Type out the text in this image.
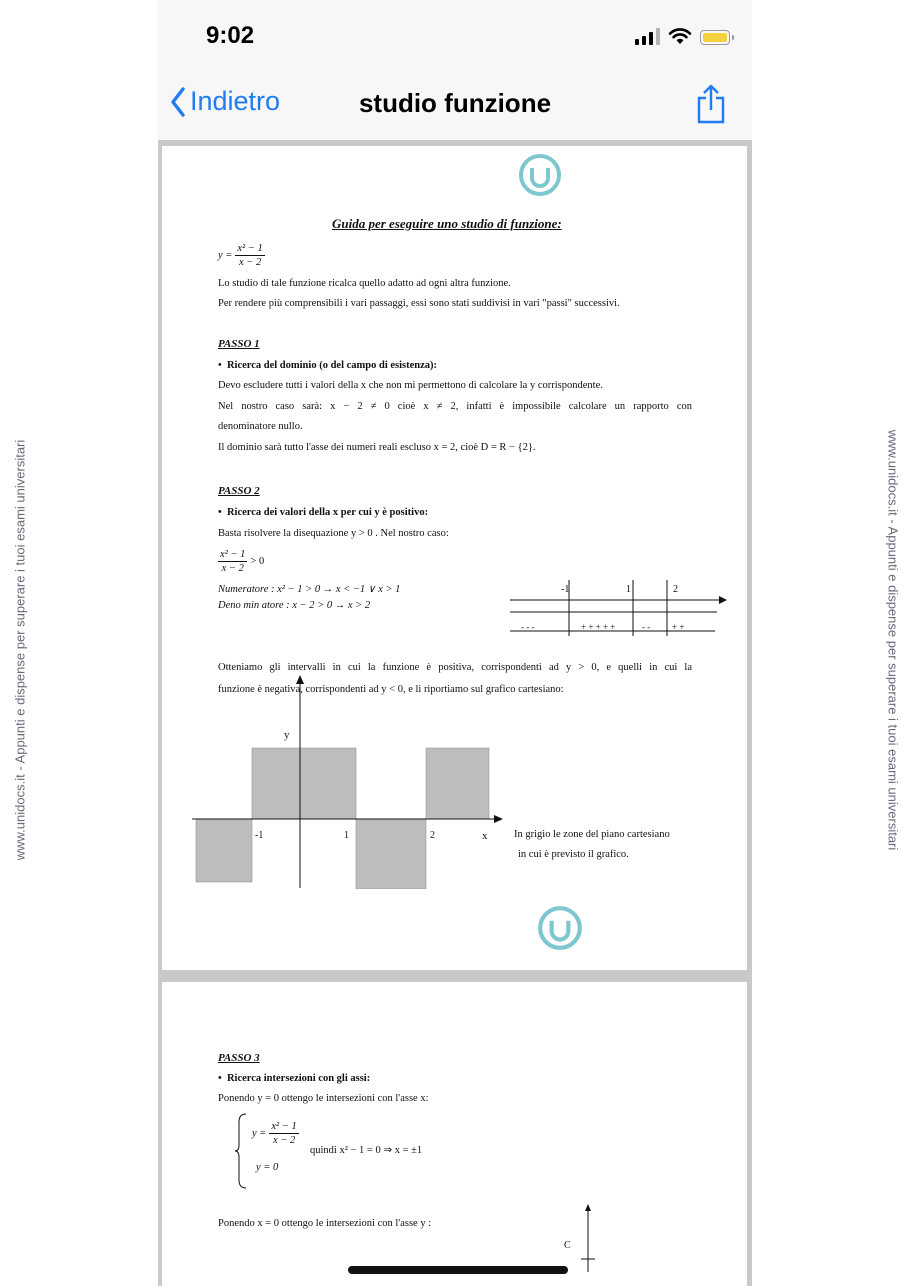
www.unidocs.it - Appunti e dispense per superare i tuoi esami universitari	www.unidocs.it - Appunti e dispense per superare i tuoi esami universitari
9:02
Indietro	studio funzione
Guida per eseguire uno studio di funzione:
$y = \frac{\text{x² − 1}}{x - 2}$
Lo studio di tale funzione ricalca quello adatto ad ogni altra funzione.
Per rendere più comprensibili i vari passaggi, essi sono stati suddivisi in vari "passi" successivi.
PASSO 1
•  Ricerca del dominio (o del campo di esistenza):
Devo escludere tutti i valori della x che non mi permettono di calcolare la y corrispondente.
Nel nostro caso sarà: x − 2 ≠ 0 cioè x ≠ 2, infatti è impossibile calcolare un rapporto con
denominatore nullo.
Il dominio sarà tutto l'asse dei numeri reali escluso x = 2, cioè D = R − {2}.
PASSO 2
•  Ricerca dei valori della x per cui y è positivo:
Basta risolvere la disequazione y > 0 . Nel nostro caso:
$\frac{\text{x² − 1}}{x - 2} > 0$
Numeratore : x² − 1 > 0 → x < −1 ∨ x > 1
Deno min atore : x − 2 > 0 → x > 2
-1	1	2
- - -	+ + + + +	- - + +
Otteniamo gli intervalli in cui la funzione è positiva, corrispondenti ad y > 0, e quelli in cui la
funzione è negativa, corrispondenti ad y < 0, e li riportiamo sul grafico cartesiano:
y
x
-1	1	2	In grigio le zone del piano cartesiano
in cui è previsto il grafico.
PASSO 3
•  Ricerca intersezioni con gli assi:
Ponendo y = 0 ottengo le intersezioni con l'asse x:
$y = \frac{\text{x² − 1}}{x - 2}$
y = 0
quindi x² − 1 = 0 ⇒ x = ±1
Ponendo x = 0 ottengo le intersezioni con l'asse y :
C
